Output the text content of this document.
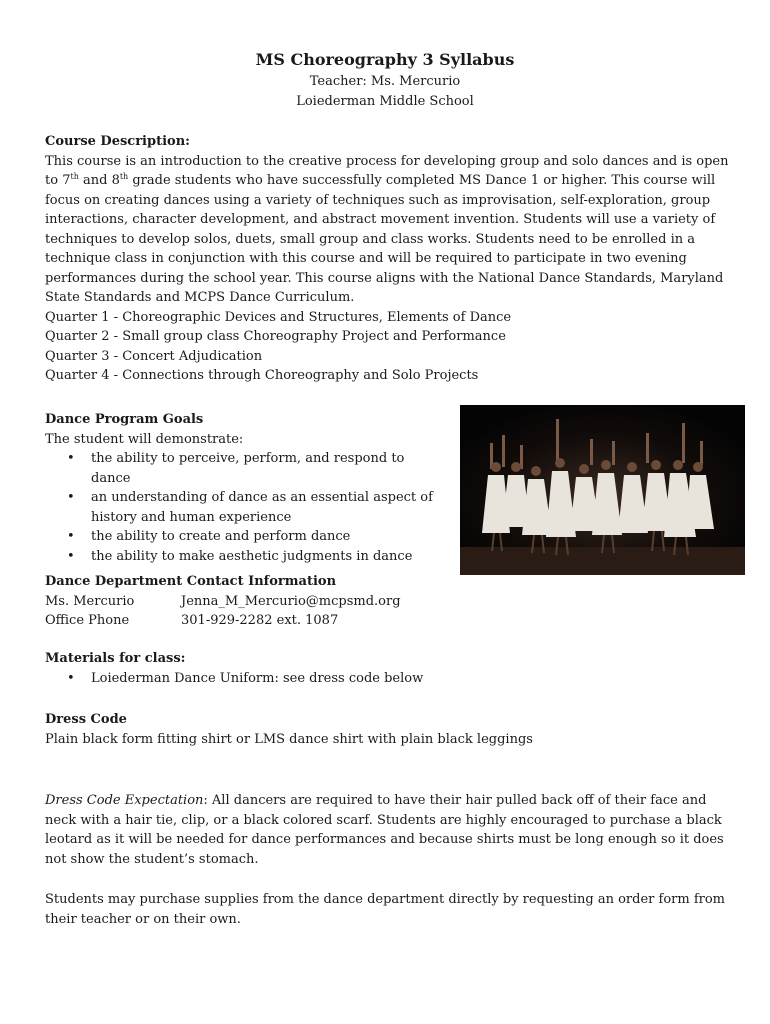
MS Choreography 3 Syllabus

Teacher: Ms. Mercurio
Loiederman Middle School

Course Description:

This course is an introduction to the creative process for developing group and solo dances and is open to 7th and 8th grade students who have successfully completed MS Dance 1 or higher. This course will focus on creating dances using a variety of techniques such as improvisation, self-exploration, group interactions, character development, and abstract movement invention. Students will use a variety of techniques to develop solos, duets, small group and class works. Students need to be enrolled in a technique class in conjunction with this course and will be required to participate in two evening performances during the school year. This course aligns with the National Dance Standards, Maryland State Standards and MCPS Dance Curriculum.

Quarter 1 - Choreographic Devices and Structures, Elements of Dance

Quarter 2 - Small group class Choreography Project and Performance

Quarter 3 - Concert Adjudication

Quarter 4 - Connections through Choreography and Solo Projects

Dance Program Goals

The student will demonstrate:

• the ability to perceive, perform, and respond to dance
• an understanding of dance as an essential aspect of history and human experience
• the ability to create and perform dance
• the ability to make aesthetic judgments in dance

Dance Department Contact Information

Ms. Mercurio	Jenna_M_Mercurio@mcpsmd.org
Office Phone	301-929-2282 ext. 1087

Materials for class:

• Loiederman Dance Uniform: see dress code below

Dress Code

Plain black form fitting shirt or LMS dance shirt with plain black leggings

Dress Code Expectation: All dancers are required to have their hair pulled back off of their face and neck with a hair tie, clip, or a black colored scarf. Students are highly encouraged to purchase a black leotard as it will be needed for dance performances and because shirts must be long enough so it does not show the student’s stomach.

Students may purchase supplies from the dance department directly by requesting an order form from their teacher or on their own.
